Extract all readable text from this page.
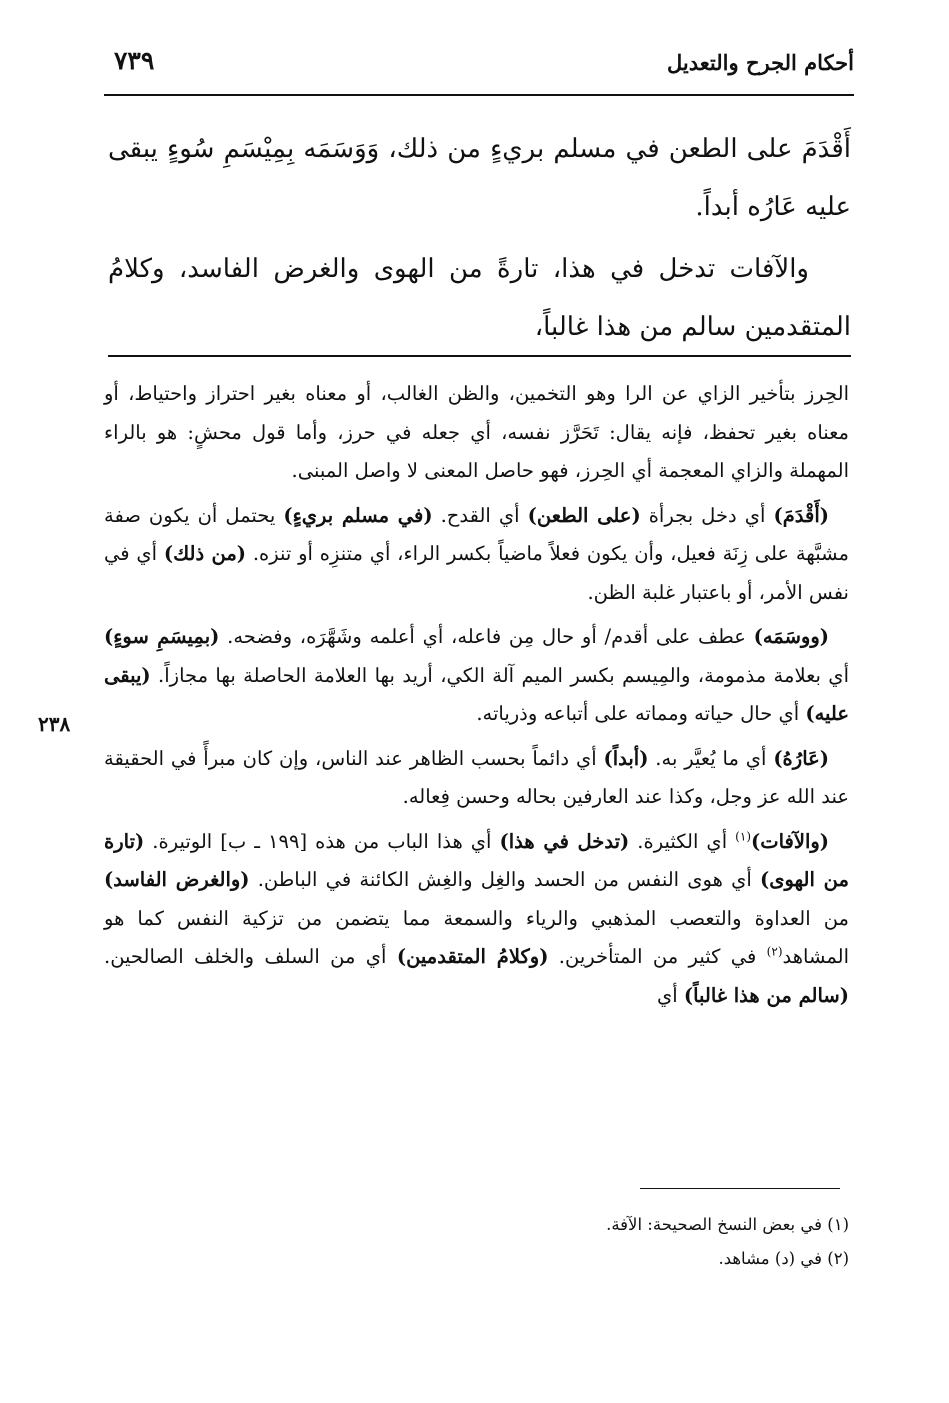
٧٣٩	أحكام الجرح والتعديل

أَقْدَمَ على الطعن في مسلم بريءٍ من ذلك، وَوَسَمَه بِمِيْسَمِ سُوءٍ يبقى عليه عَارُه أبداً.

والآفات تدخل في هذا، تارةً من الهوى والغرض الفاسد، وكلامُ المتقدمين سالم من هذا غالباً،

٢٣٨

الحِرز بتأخير الزاي عن الرا وهو التخمين، والظن الغالب، أو معناه بغير احتراز واحتياط، أو معناه بغير تحفظ، فإنه يقال: تَحَرَّز نفسه، أي جعله في حرز، وأما قول محشٍ: هو بالراء المهملة والزاي المعجمة أي الحِرز، فهو حاصل المعنى لا واصل المبنى.

(أَقْدَمَ) أي دخل بجرأة (على الطعن) أي القدح. (في مسلم بريءٍ) يحتمل أن يكون صفة مشبَّهة على زِنَة فعيل، وأن يكون فعلاً ماضياً بكسر الراء، أي متنزِه أو تنزه. (من ذلك) أي في نفس الأمر، أو باعتبار غلبة الظن.

(ووسَمَه) عطف على أقدم/ أو حال مِن فاعله، أي أعلمه وشَهَّرَه، وفضحه. (بمِيسَمِ سوءٍ) أي بعلامة مذمومة، والمِيسم بكسر الميم آلة الكي، أريد بها العلامة الحاصلة بها مجازاً. (يبقى عليه) أي حال حياته ومماته على أتباعه وذرياته.

(عَارُهُ) أي ما يُعيَّر به. (أبداً) أي دائماً بحسب الظاهر عند الناس، وإن كان مبرأً في الحقيقة عند الله عز وجل، وكذا عند العارفين بحاله وحسن فِعاله.

(والآفات)$^{(١)}$ أي الكثيرة. (تدخل في هذا) أي هذا الباب من هذه [١٩٩ ـ ب] الوتيرة. (تارة من الهوى) أي هوى النفس من الحسد والغِل والغِش الكائنة في الباطن. (والغرض الفاسد) من العداوة والتعصب المذهبي والرياء والسمعة مما يتضمن من تزكية النفس كما هو المشاهد$^{(٢)}$ في كثير من المتأخرين. (وكلامُ المتقدمين) أي من السلف والخلف الصالحين. (سالم من هذا غالباً) أي

(١) في بعض النسخ الصحيحة: الآفة.

(٢) في (د) مشاهد.
